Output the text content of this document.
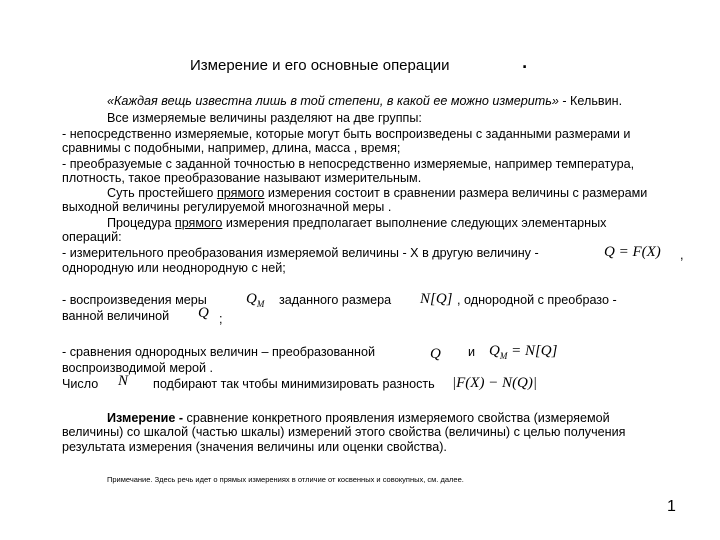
Измерение и его основные операции	.
«Каждая вещь известна лишь в той степени, в какой ее можно измерить» - Кельвин.
Все измеряемые величины разделяют на две группы:
- непосредственно измеряемые, которые могут быть воспроизведены с заданными размерами и
сравнимы с подобными, например, длина, масса , время;
- преобразуемые с заданной точностью в непосредственно измеряемые, например температура,
плотность, такое преобразование называют измерительным.
Суть простейшего прямого измерения состоит в сравнении размера величины с размерами
выходной величины регулируемой многозначной меры .
Процедура прямого измерения предполагает выполнение следующих элементарных
операций:
- измерительного преобразования измеряемой величины - Х в другую величину -	Q = F(X) ,
однородную или неоднородную с ней;
- воспроизведения меры	$Q_M$ заданного размера N[Q] , однородной с преобразо -
ванной величиной Q ;
- сравнения однородных величин – преобразованной	Q и $Q_M = N[Q]$
воспроизводимой мерой .
Число N подбирают так чтобы минимизировать разность |F(X) − N(Q)|
Измерение - сравнение конкретного проявления измеряемого свойства (измеряемой
величины) со шкалой (частью шкалы) измерений этого свойства (величины) с целью получения
результата измерения (значения величины или оценки свойства).
Примечание. Здесь речь идет о прямых измерениях в отличие от косвенных и совокупных, см. далее.
1
